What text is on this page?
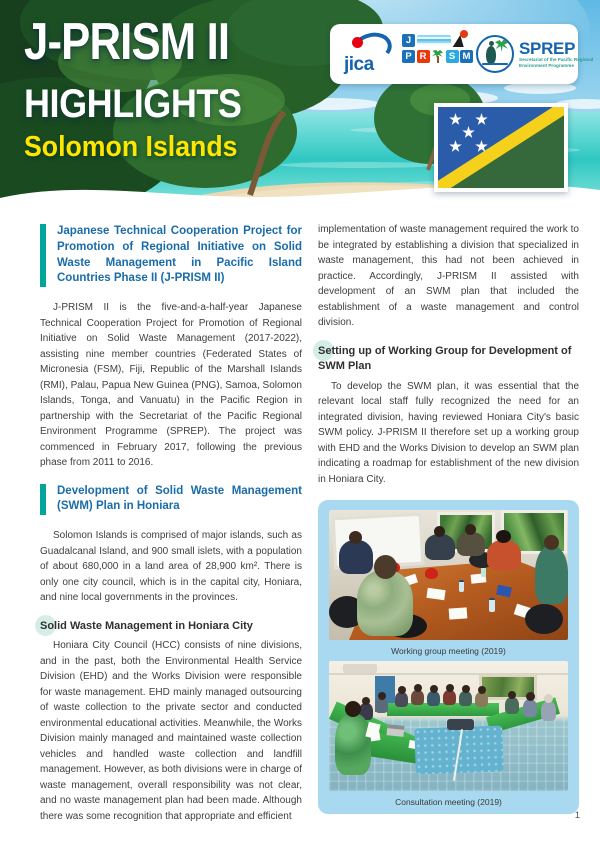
J-PRISM II
HIGHLIGHTS
Solomon Islands
jica
J
P R	S M	SPREP
Secretariat of the Pacific Regional
Environment Programme
Japanese Technical Cooperation Project for Promotion of Regional Initiative on Solid Waste Management in Pacific Island Countries Phase II (J-PRISM II)

J-PRISM II is the five-and-a-half-year Japanese Technical Cooperation Project for Promotion of Regional Initiative on Solid Waste Management (2017-2022), assisting nine member countries (Federated States of Micronesia (FSM), Fiji, Republic of the Marshall Islands (RMI), Palau, Papua New Guinea (PNG), Samoa, Solomon Islands, Tonga, and Vanuatu) in the Pacific Region in partnership with the Secretariat of the Pacific Regional Environment Programme (SPREP). The project was commenced in February 2017, following the previous phase from 2011 to 2016.

Development of Solid Waste Management (SWM) Plan in Honiara

Solomon Islands is comprised of major islands, such as Guadalcanal Island, and 900 small islets, with a population of about 680,000 in a land area of 28,900 km². There is only one city council, which is in the capital city, Honiara, and nine local governments in the provinces.

Solid Waste Management in Honiara City

Honiara City Council (HCC) consists of nine divisions, and in the past, both the Environmental Health Service Division (EHD) and the Works Division were responsible for waste management. EHD mainly managed outsourcing of waste collection to the private sector and conducted environmental educational activities. Meanwhile, the Works Division mainly managed and maintained waste collection vehicles and handled waste collection and landfill management. However, as both divisions were in charge of waste management, overall responsibility was not clear, and no waste management plan had been made. Although there was some recognition that appropriate and efficient

implementation of waste management required the work to be integrated by establishing a division that specialized in waste management, this had not been achieved in practice. Accordingly, J-PRISM II assisted with development of an SWM plan that included the establishment of a waste management and control division.

Setting up of Working Group for Development of SWM Plan

To develop the SWM plan, it was essential that the relevant local staff fully recognized the need for an integrated division, having reviewed Honiara City's basic SWM policy. J-PRISM II therefore set up a working group with EHD and the Works Division to develop an SWM plan indicating a roadmap for establishment of the new division in Honiara City.

Working group meeting (2019)
Consultation meeting (2019)
1
